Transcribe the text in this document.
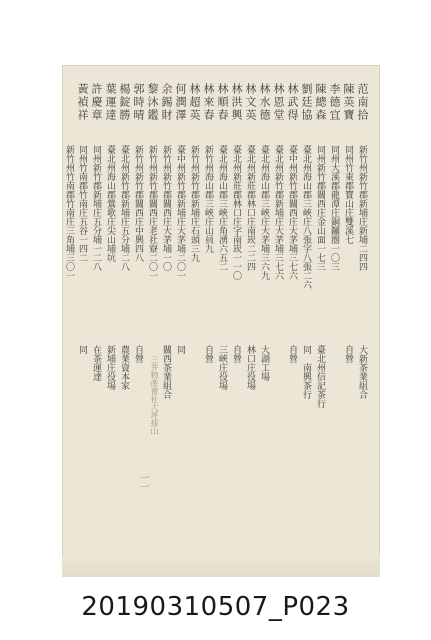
范南拾
新竹州新竹郡新埔庄新埔二四四
大新茶業組合
陳英寶
同州竹東郡寶山庄雙溪七
自營
李德宜
同州大溪郡龍潭庄銅鑼圈一〇三
陳總森
同州新竹郡關西庄金山面一七三
臺北州信記茶行
劉廷協
臺北州海山郡三峽庄八張字八張二六
同　南興茶行
林武得
臺中州新竹郡關西庄大茅埔三七六
自營
林恩堂
臺北州新竹郡新埔庄大茅埔三七六
林水德
臺北州海山郡三峽庄大茅埔三六九
大湖工場
林文英
臺北州新莊郡林口庄南崁二二四
林口庄役場
林洪興
臺北州新莊郡林口庄字南崁一一〇
自營
林順春
臺北州海山郡三峽庄角湧六五二
三峽庄役場
林來春
新竹州海山郡三峽庄山員九
自營
林超英
新竹州新竹郡新埔庄石頭三九
何潤澤
臺中州新竹郡新埔庄大茅埔二〇一
同
余錫財
新竹州新竹郡關西庄大茅埔一〇
關西茶業組合
三井物產會社大坪採山
黎沐鑑
新竹州新竹郡關西庄老社寮二〇一
郭時晴
新竹州新竹郡關西庄中興四八
自營
楊錠勝
臺北州新竹郡新埔庄五分埔二八
農業資本家
葉運達
臺北州海山郡鶯歌庄尖山埔坑
新埔庄役場
許慶章
同州新竹郡新埔庄五分埔一二八
在茶運達
黃禎祥
同州竹南郡竹南庄五谷一四二
同
新竹州竹南郡竹南庄三角埔三〇一
一一
20190310507_P023
